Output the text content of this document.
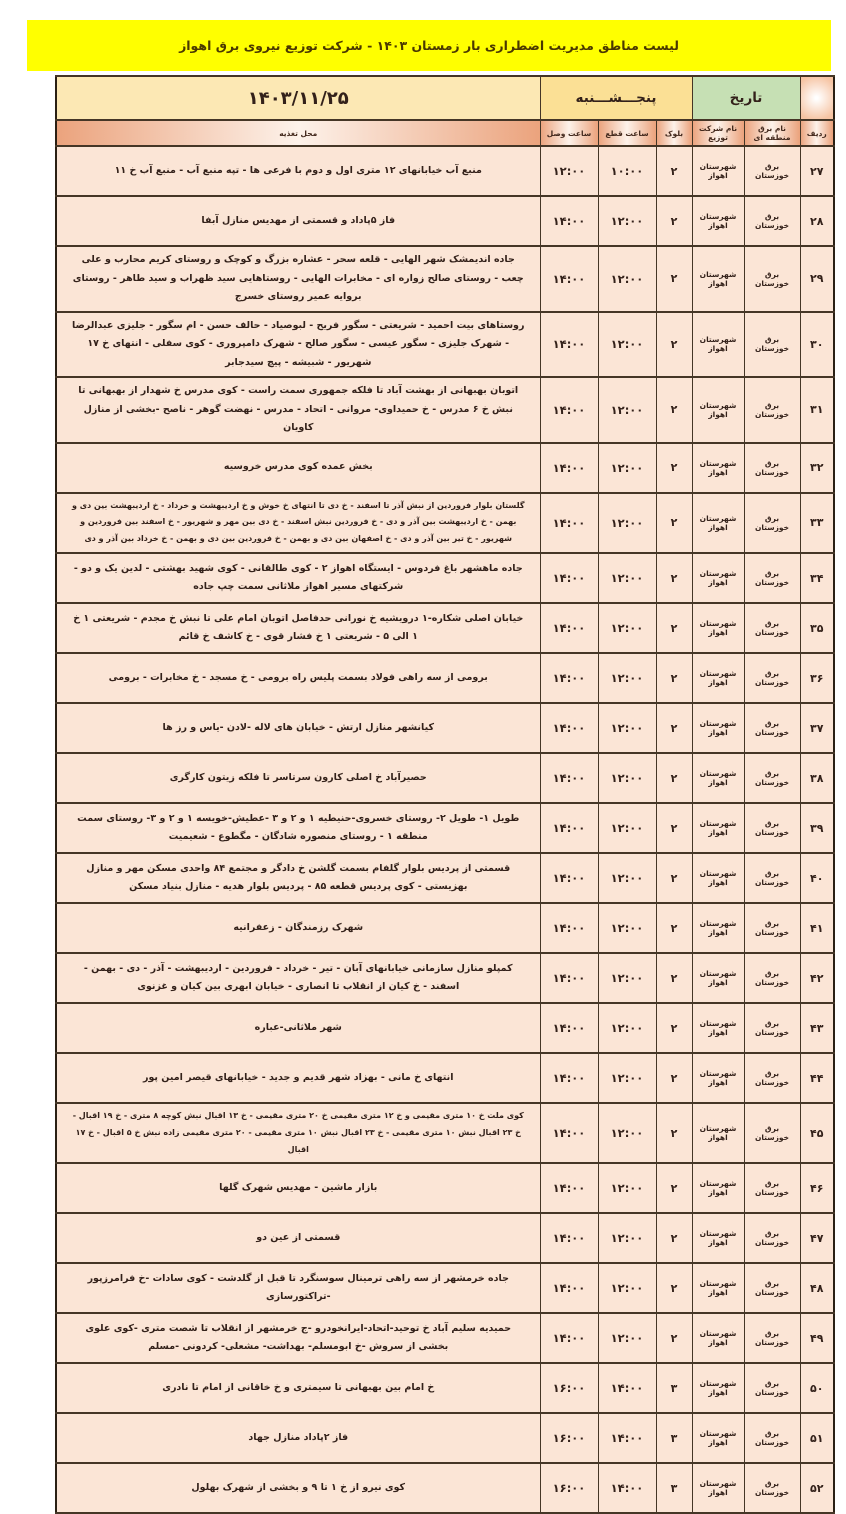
لیست مناطق مدیریت اضطراری بار زمستان ۱۴۰۳ - شرکت توزیع نیروی برق اهواز
	تاریخ		پنجـــشـــنبه			۱۴۰۳/۱۱/۲۵
ردیف	نام برق منطقه ای	نام شرکت توزیع	بلوک	ساعت قطع	ساعت وصل	محل تغذیه
۲۷	برق خوزستان	شهرستان اهواز	۲	۱۰:۰۰	۱۲:۰۰	منبع آب خیابانهای ۱۲ متری اول و دوم با فرعی ها - تپه منبع آب - منبع آب خ ۱۱
۲۸	برق خوزستان	شهرستان اهواز	۲	۱۲:۰۰	۱۴:۰۰	فاز ۵پاداد و قسمتی از مهدیس منازل آبفا
۲۹	برق خوزستان	شهرستان اهواز	۲	۱۲:۰۰	۱۴:۰۰	جاده اندیمشک شهر الهایی - قلعه سحر - عشاره بزرگ و کوچک و روستای کریم محارب و علی چعب - روستای صالح زواره ای - مخابرات الهایی - روستاهایی سید ظهراب و سید طاهر - روستای بروایه عمیر روستای خسرج
۳۰	برق خوزستان	شهرستان اهواز	۲	۱۲:۰۰	۱۴:۰۰	روستاهای بیت احمید - شریعتی - سگور فریح - لبوصیاد - حالف حسن - ام سگور - جلیزی عبدالرضا - شهرک جلیزی - سگور عیسی - سگور صالح - شهرک دامپروری - کوی سفلی - انتهای خ ۱۷ شهریور - شبیشه - پیچ سیدجابر
۳۱	برق خوزستان	شهرستان اهواز	۲	۱۲:۰۰	۱۴:۰۰	اتوبان بهبهانی از بهشت آباد تا فلکه جمهوری سمت راست - کوی مدرس خ شهدار از بهبهانی تا نبش خ ۶ مدرس - خ حمیداوی- مروانی - اتحاد - مدرس - نهضت گوهر - ناصح -بخشی از منازل کاویان
۳۲	برق خوزستان	شهرستان اهواز	۲	۱۲:۰۰	۱۴:۰۰	بخش عمده کوی مدرس خروسیه
۳۳	برق خوزستان	شهرستان اهواز	۲	۱۲:۰۰	۱۴:۰۰	گلستان بلوار فروردین از نبش آذر تا اسفند - خ دی تا انتهای خ خوش و خ اردیبهشت و خرداد - خ اردیبهشت بین دی و بهمن - خ اردیبهشت بین آذر و دی - خ فروردین نبش اسفند - خ دی بین مهر و شهریور - خ اسفند بین فروردین و شهریور - خ تیر بین آذر و دی - خ اصفهان بین دی و بهمن - خ فروردین بین دی و بهمن - خ خرداد بین آذر و دی
۳۴	برق خوزستان	شهرستان اهواز	۲	۱۲:۰۰	۱۴:۰۰	جاده ماهشهر باغ فردوس - ایستگاه اهواز ۲ - کوی طالقانی - کوی شهید بهشتی - لدین یک و دو - شرکتهای مسیر اهواز ملاثانی سمت چپ جاده
۳۵	برق خوزستان	شهرستان اهواز	۲	۱۲:۰۰	۱۴:۰۰	خیابان اصلی شکاره-۱ درویشیه خ نورانی حدفاصل اتوبان امام علی تا نبش خ مجدم - شریعتی ۱ خ ۱ الی ۵ - شریعتی ۱ خ فشار قوی - خ کاشف خ قائم
۳۶	برق خوزستان	شهرستان اهواز	۲	۱۲:۰۰	۱۴:۰۰	برومی از سه راهی فولاد بسمت پلیس راه برومی - خ مسجد - خ مخابرات - برومی
۳۷	برق خوزستان	شهرستان اهواز	۲	۱۲:۰۰	۱۴:۰۰	کیانشهر منازل ارتش - خیابان های لاله -لادن -یاس و رز ها
۳۸	برق خوزستان	شهرستان اهواز	۲	۱۲:۰۰	۱۴:۰۰	حصیرآباد خ اصلی کارون سرتاسر تا فلکه زیتون کارگری
۳۹	برق خوزستان	شهرستان اهواز	۲	۱۲:۰۰	۱۴:۰۰	طویل ۱- طویل ۲- روستای خسروی-حنیطیه ۱ و ۲ و ۳ -عطیش-خویسه ۱ و ۲ و ۳- روستای سمت منطقه ۱ - روستای منصوره شادگان - مگطوع - شعیمیت
۴۰	برق خوزستان	شهرستان اهواز	۲	۱۲:۰۰	۱۴:۰۰	قسمتی از پردیس بلوار گلفام بسمت گلشن خ دادگر و مجتمع ۸۴ واحدی مسکن مهر و منازل بهزیستی - کوی پردیس قطعه ۸۵ - پردیس بلوار هدیه - منازل بنیاد مسکن
۴۱	برق خوزستان	شهرستان اهواز	۲	۱۲:۰۰	۱۴:۰۰	شهرک رزمندگان - زعفرانیه
۴۲	برق خوزستان	شهرستان اهواز	۲	۱۲:۰۰	۱۴:۰۰	کمپلو منازل سازمانی خیابانهای آبان - تیر - خرداد - فروردین - اردیبهشت - آذر - دی - بهمن - اسفند - خ کیان از انقلاب تا انصاری - خیابان ابهری بین کیان و غزنوی
۴۳	برق خوزستان	شهرستان اهواز	۲	۱۲:۰۰	۱۴:۰۰	شهر ملاثانی-عباره
۴۴	برق خوزستان	شهرستان اهواز	۲	۱۲:۰۰	۱۴:۰۰	انتهای خ مانی - بهزاد شهر قدیم و جدید - خیابانهای قیصر امین پور
۴۵	برق خوزستان	شهرستان اهواز	۲	۱۲:۰۰	۱۴:۰۰	کوی ملت خ ۱۰ متری مقیمی و خ ۱۲ متری مقیمی خ ۲۰ متری مقیمی - خ ۱۳ اقبال نبش کوچه ۸ متری - خ ۱۹ اقبال - خ ۲۳ اقبال نبش ۱۰ متری مقیمی - خ ۲۳ اقبال نبش ۱۰ متری مقیمی - ۲۰ متری مقیمی زاده نبش خ ۵ اقبال - خ ۱۷ اقبال
۴۶	برق خوزستان	شهرستان اهواز	۲	۱۲:۰۰	۱۴:۰۰	بازار ماشین - مهدیس شهرک گلها
۴۷	برق خوزستان	شهرستان اهواز	۲	۱۲:۰۰	۱۴:۰۰	قسمتی از عین دو
۴۸	برق خوزستان	شهرستان اهواز	۲	۱۲:۰۰	۱۴:۰۰	جاده خرمشهر از سه راهی ترمینال سوسنگرد تا قبل از گلدشت - کوی سادات -خ فرامرزپور -تراکتورسازی
۴۹	برق خوزستان	شهرستان اهواز	۲	۱۲:۰۰	۱۴:۰۰	حمیدیه سلیم آباد خ توحید-اتحاد-ایرانخودرو -ج خرمشهر از انقلاب تا شصت متری -کوی علوی بخشی از سروش -خ ابومسلم- بهداشت- مشعلی- کردونی -مسلم
۵۰	برق خوزستان	شهرستان اهواز	۳	۱۴:۰۰	۱۶:۰۰	خ امام بین بهبهانی تا سیمتری و خ خاقانی از امام تا نادری
۵۱	برق خوزستان	شهرستان اهواز	۳	۱۴:۰۰	۱۶:۰۰	فاز ۲پاداد منازل جهاد
۵۲	برق خوزستان	شهرستان اهواز	۳	۱۴:۰۰	۱۶:۰۰	کوی نیرو از خ ۱ تا ۹ و بخشی از شهرک بهلول
